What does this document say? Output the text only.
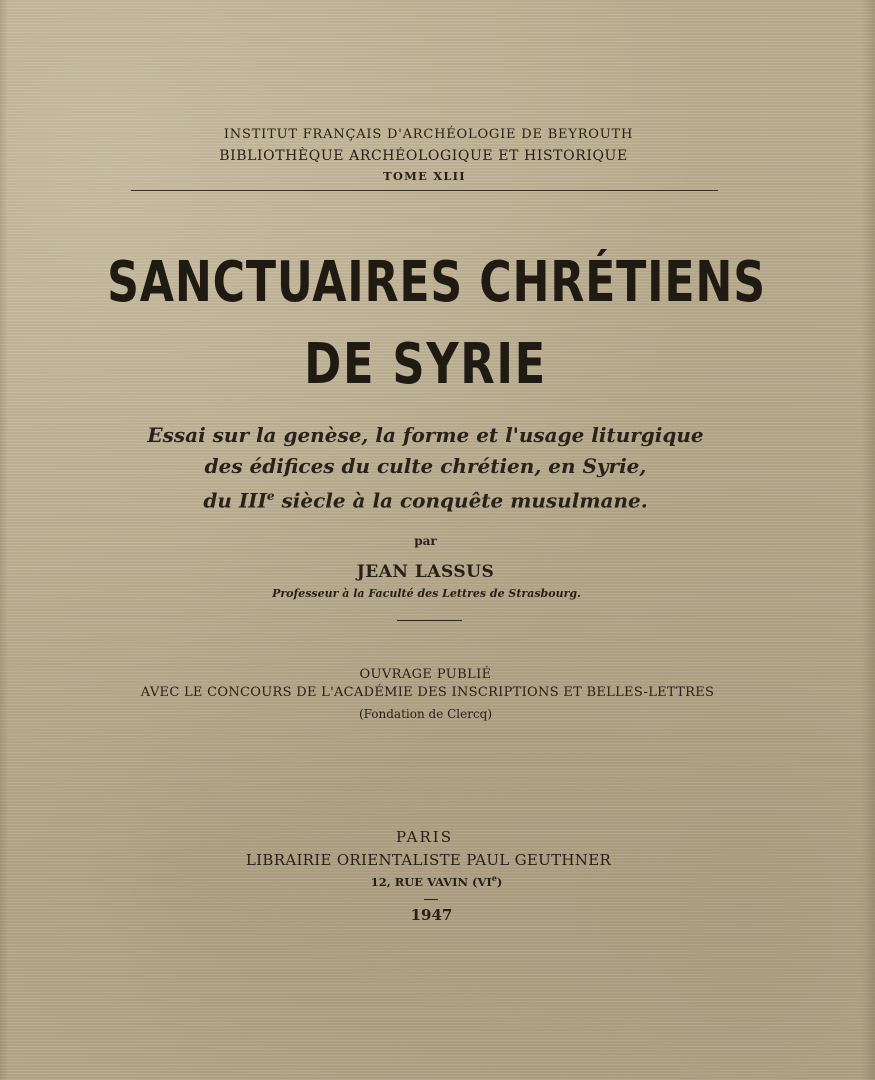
INSTITUT FRANÇAIS D'ARCHÉOLOGIE DE BEYROUTH

BIBLIOTHÈQUE ARCHÉOLOGIQUE ET HISTORIQUE

TOME XLII

SANCTUAIRES CHRÉTIENS
DE SYRIE

Essai sur la genèse, la forme et l'usage liturgique

des édifices du culte chrétien, en Syrie,

du IIIe siècle à la conquête musulmane.

par

JEAN LASSUS

Professeur à la Faculté des Lettres de Strasbourg.

OUVRAGE PUBLIÉ

AVEC LE CONCOURS DE L'ACADÉMIE DES INSCRIPTIONS ET BELLES-LETTRES

(Fondation de Clercq)

PARIS

LIBRAIRIE ORIENTALISTE PAUL GEUTHNER

12, RUE VAVIN (VIe)

1947
